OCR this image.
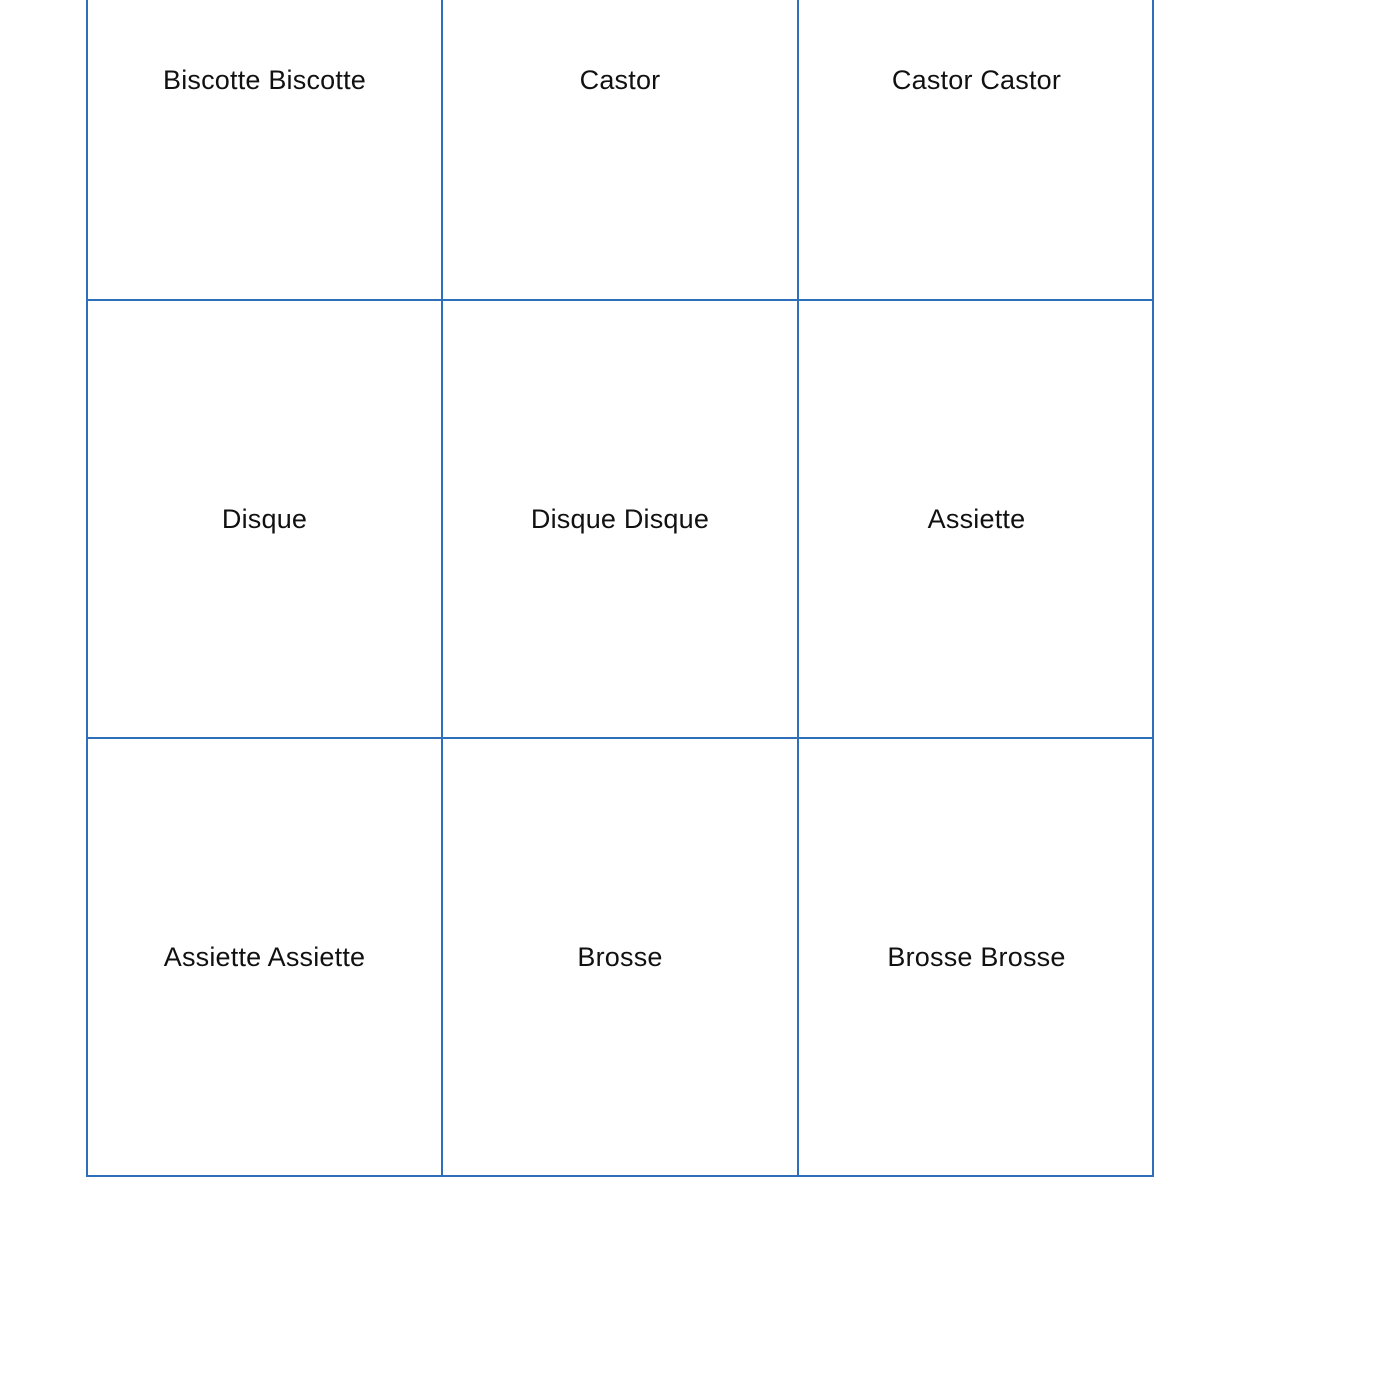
Biscotte Biscotte	Castor	Castor Castor
Disque	Disque Disque	Assiette
Assiette Assiette	Brosse	Brosse Brosse
